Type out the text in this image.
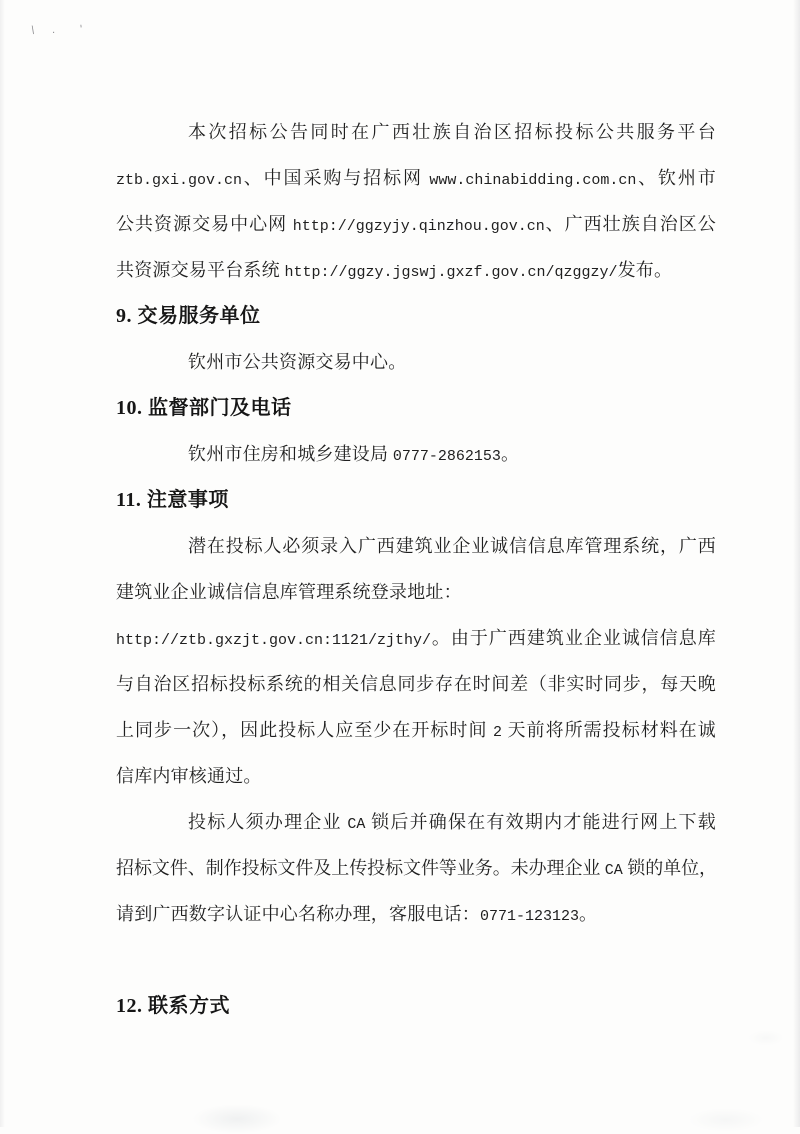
\ . '
本次招标公告同时在广西壮族自治区招标投标公共服务平台
ztb.gxi.gov.cn、中国采购与招标网 www.chinabidding.com.cn、钦州市
公共资源交易中心网 http://ggzyjy.qinzhou.gov.cn、广西壮族自治区公
共资源交易平台系统 http://ggzy.jgswj.gxzf.gov.cn/qzggzy/发布。
9. 交易服务单位
钦州市公共资源交易中心。
10. 监督部门及电话
钦州市住房和城乡建设局 0777-2862153。
11. 注意事项
潜在投标人必须录入广西建筑业企业诚信信息库管理系统，广西
建筑业企业诚信信息库管理系统登录地址：
http://ztb.gxzjt.gov.cn:1121/zjthy/。由于广西建筑业企业诚信信息库
与自治区招标投标系统的相关信息同步存在时间差（非实时同步，每天晚
上同步一次），因此投标人应至少在开标时间 2 天前将所需投标材料在诚
信库内审核通过。
投标人须办理企业 CA 锁后并确保在有效期内才能进行网上下载
招标文件、制作投标文件及上传投标文件等业务。未办理企业 CA 锁的单位，
请到广西数字认证中心名称办理，客服电话：0771-123123。
12. 联系方式
